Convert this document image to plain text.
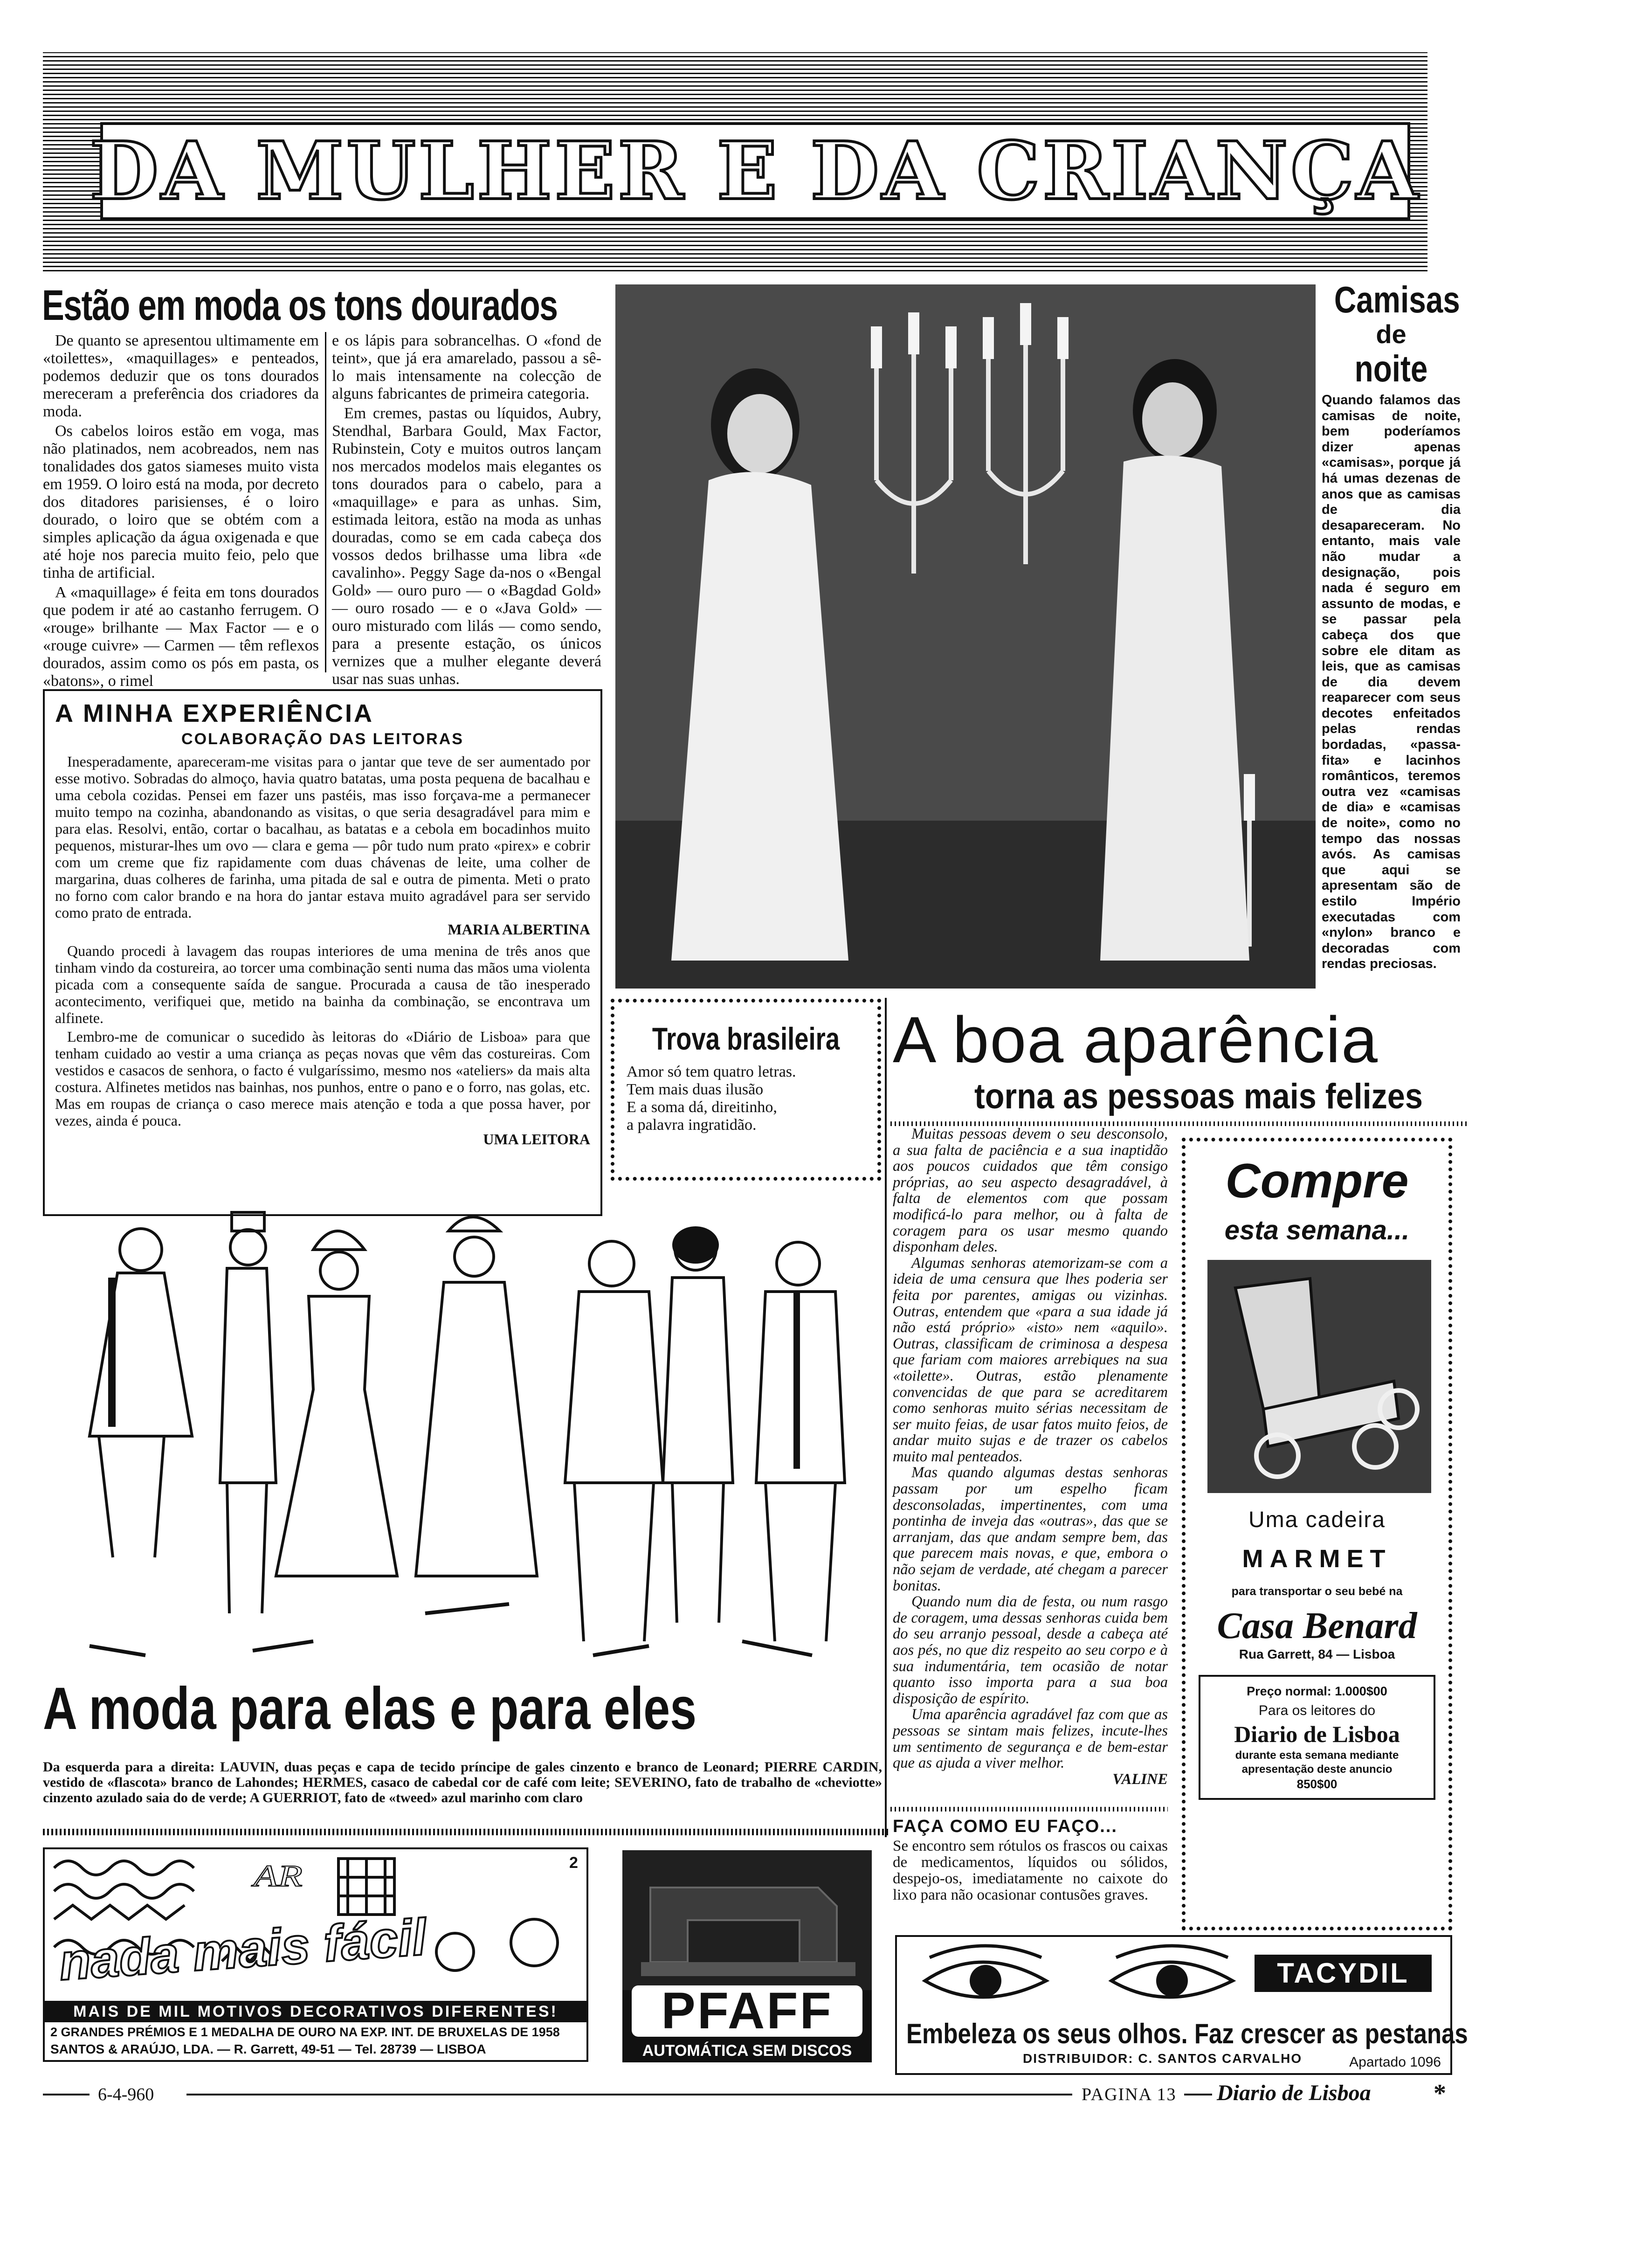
DA MULHER E DA CRIANÇA
Estão em moda os tons dourados

De quanto se apresentou ultimamente em «toilettes», «maquillages» e penteados, podemos deduzir que os tons dourados mereceram a preferência dos criadores da moda.

Os cabelos loiros estão em voga, mas não platinados, nem acobreados, nem nas tonalidades dos gatos siameses muito vista em 1959. O loiro está na moda, por decreto dos ditadores parisienses, é o loiro dourado, o loiro que se obtém com a simples aplicação da água oxigenada e que até hoje nos parecia muito feio, pelo que tinha de artificial.

A «maquillage» é feita em tons dourados que podem ir até ao castanho ferrugem. O «rouge» brilhante — Max Factor — e o «rouge cuivre» — Carmen — têm reflexos dourados, assim como os pós em pasta, os «batons», o rimel

e os lápis para sobrancelhas. O «fond de teint», que já era amarelado, passou a sê-lo mais intensamente na colecção de alguns fabricantes de primeira categoria.

Em cremes, pastas ou líquidos, Aubry, Stendhal, Barbara Gould, Max Factor, Rubinstein, Coty e muitos outros lançam nos mercados modelos mais elegantes os tons dourados para o cabelo, para a «maquillage» e para as unhas. Sim, estimada leitora, estão na moda as unhas douradas, como se em cada cabeça dos vossos dedos brilhasse uma libra «de cavalinho». Peggy Sage da-nos o «Bengal Gold» — ouro puro — o «Bagdad Gold» — ouro rosado — e o «Java Gold» — ouro misturado com lilás — como sendo, para a presente estação, os únicos vernizes que a mulher elegante deverá usar nas suas unhas.

A MINHA EXPERIÊNCIA
COLABORAÇÃO DAS LEITORAS

Inesperadamente, apareceram-me visitas para o jantar que teve de ser aumentado por esse motivo. Sobradas do almoço, havia quatro batatas, uma posta pequena de bacalhau e uma cebola cozidas. Pensei em fazer uns pastéis, mas isso forçava-me a permanecer muito tempo na cozinha, abandonando as visitas, o que seria desagradável para mim e para elas. Resolvi, então, cortar o bacalhau, as batatas e a cebola em bocadinhos muito pequenos, misturar-lhes um ovo — clara e gema — pôr tudo num prato «pirex» e cobrir com um creme que fiz rapidamente com duas chávenas de leite, uma colher de margarina, duas colheres de farinha, uma pitada de sal e outra de pimenta. Meti o prato no forno com calor brando e na hora do jantar estava muito agradável para ser servido como prato de entrada.

MARIA ALBERTINA

Quando procedi à lavagem das roupas interiores de uma menina de três anos que tinham vindo da costureira, ao torcer uma combinação senti numa das mãos uma violenta picada com a consequente saída de sangue. Procurada a causa de tão inesperado acontecimento, verifiquei que, metido na bainha da combinação, se encontrava um alfinete.

Lembro-me de comunicar o sucedido às leitoras do «Diário de Lisboa» para que tenham cuidado ao vestir a uma criança as peças novas que vêm das costureiras. Com vestidos e casacos de senhora, o facto é vulgaríssimo, mesmo nos «ateliers» da mais alta costura. Alfinetes metidos nas bainhas, nos punhos, entre o pano e o forro, nas golas, etc. Mas em roupas de criança o caso merece mais atenção e toda a que possa haver, por vezes, ainda é pouca.

UMA LEITORA
Camisas
de
noite
Quando falamos das camisas de noite, bem poderíamos dizer apenas «camisas», porque já há umas dezenas de anos que as camisas de dia desapareceram. No entanto, mais vale não mudar a designação, pois nada é seguro em assunto de modas, e se passar pela cabeça dos que sobre ele ditam as leis, que as camisas de dia devem reaparecer com seus decotes enfeitados pelas rendas bordadas, «passa-fita» e lacinhos românticos, teremos outra vez «camisas de dia» e «camisas de noite», como no tempo das nossas avós. As camisas que aqui se apresentam são de estilo Império executadas com «nylon» branco e decoradas com rendas preciosas.
Trova brasileira
Amor só tem quatro letras.
Tem mais duas ilusão
E a soma dá, direitinho,
a palavra ingratidão.
A moda para elas e para eles
Da esquerda para a direita: LAUVIN, duas peças e capa de tecido príncipe de gales cinzento e branco de Leonard; PIERRE CARDIN, vestido de «flascota» branco de Lahondes; HERMES, casaco de cabedal cor de café com leite; SEVERINO, fato de trabalho de «cheviotte» cinzento azulado saia do de verde; A GUERRIOT, fato de «tweed» azul marinho com claro
A boa aparência
torna as pessoas mais felizes

Muitas pessoas devem o seu desconsolo, a sua falta de paciência e a sua inaptidão aos poucos cuidados que têm consigo próprias, ao seu aspecto desagradável, à falta de elementos com que possam modificá-lo para melhor, ou à falta de coragem para os usar mesmo quando disponham deles.

Algumas senhoras atemorizam-se com a ideia de uma censura que lhes poderia ser feita por parentes, amigas ou vizinhas. Outras, entendem que «para a sua idade já não está próprio» «isto» nem «aquilo». Outras, classificam de criminosa a despesa que fariam com maiores arrebiques na sua «toilette». Outras, estão plenamente convencidas de que para se acreditarem como senhoras muito sérias necessitam de ser muito feias, de usar fatos muito feios, de andar muito sujas e de trazer os cabelos muito mal penteados.

Mas quando algumas destas senhoras passam por um espelho ficam desconsoladas, impertinentes, com uma pontinha de inveja das «outras», das que se arranjam, das que andam sempre bem, das que parecem mais novas, e que, embora o não sejam de verdade, até chegam a parecer bonitas.

Quando num dia de festa, ou num rasgo de coragem, uma dessas senhoras cuida bem do seu arranjo pessoal, desde a cabeça até aos pés, no que diz respeito ao seu corpo e à sua indumentária, tem ocasião de notar quanto isso importa para a sua boa disposição de espírito.

Uma aparência agradável faz com que as pessoas se sintam mais felizes, incute-lhes um sentimento de segurança e de bem-estar que as ajuda a viver melhor.

VALINE
FAÇA COMO EU FAÇO...
Se encontro sem rótulos os frascos ou caixas de medicamentos, líquidos ou sólidos, despejo-os, imediatamente no caixote do lixo para não ocasionar contusões graves.
Compre
esta semana...
Uma cadeira
MARMET
para transportar o seu bebé na
Casa Benard
Rua Garrett, 84 — Lisboa
Preço normal: 1.000$00
Para os leitores do
Diario de Lisboa
durante esta semana mediante apresentação deste anuncio
850$00
AR	2
nada mais fácil
MAIS DE MIL MOTIVOS DECORATIVOS DIFERENTES!
2 GRANDES PRÉMIOS E 1 MEDALHA DE OURO NA EXP. INT. DE BRUXELAS DE 1958
SANTOS & ARAÚJO, LDA. — R. Garrett, 49-51 — Tel. 28739 — LISBOA
PFAFF
AUTOMÁTICA SEM DISCOS
TACYDIL
Embeleza os seus olhos. Faz crescer as pestanas
DISTRIBUIDOR: C. SANTOS CARVALHO	Apartado 1096
6-4-960	PAGINA 13 Diario de Lisboa *
